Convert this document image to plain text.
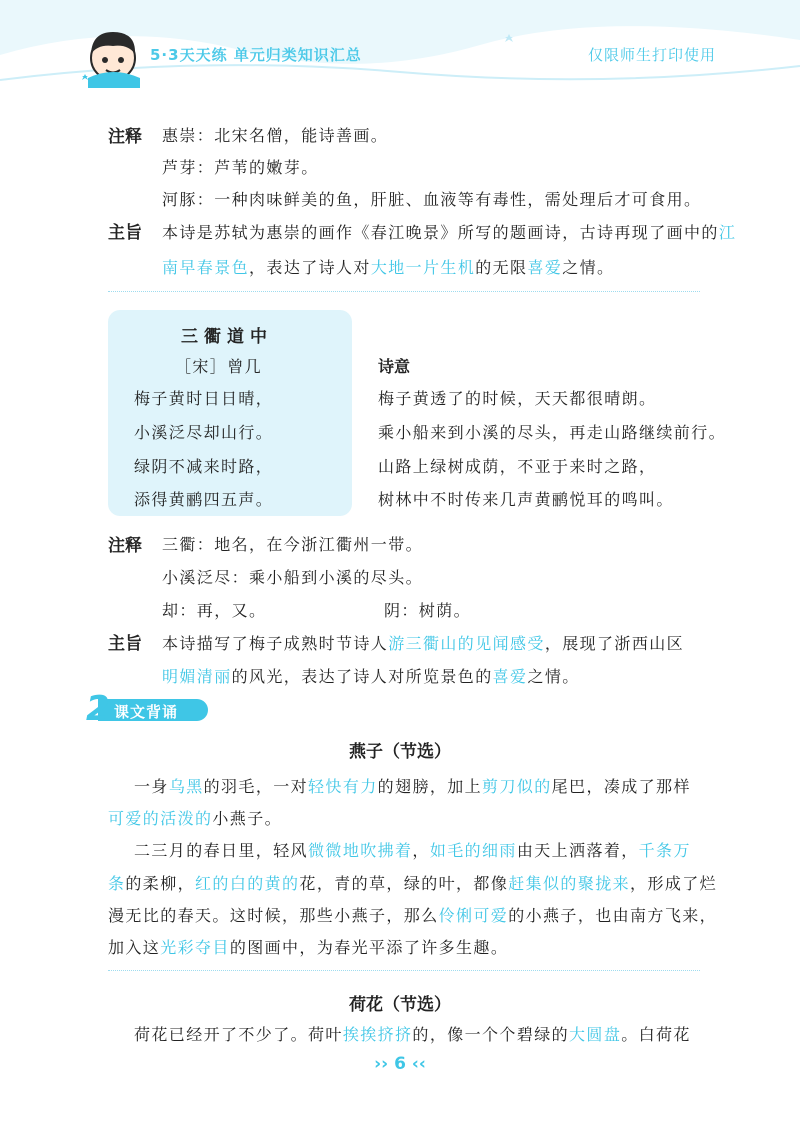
5·3天天练 单元归类知识汇总	仅限师生打印使用
注释 惠崇：北宋名僧，能诗善画。
芦芽：芦苇的嫩芽。
河豚：一种肉味鲜美的鱼，肝脏、血液等有毒性，需处理后才可食用。
主旨 本诗是苏轼为惠崇的画作《春江晚景》所写的题画诗，古诗再现了画中的江
南早春景色，表达了诗人对大地一片生机的无限喜爱之情。
三衢道中
［宋］曾几
梅子黄时日日晴，
小溪泛尽却山行。
绿阴不减来时路，
添得黄鹂四五声。
诗意
梅子黄透了的时候，天天都很晴朗。
乘小船来到小溪的尽头，再走山路继续前行。
山路上绿树成荫，不亚于来时之路，
树林中不时传来几声黄鹂悦耳的鸣叫。
注释 三衢：地名，在今浙江衢州一带。
小溪泛尽：乘小船到小溪的尽头。
却：再，又。	阴：树荫。
主旨 本诗描写了梅子成熟时节诗人游三衢山的见闻感受，展现了浙西山区
明媚清丽的风光，表达了诗人对所览景色的喜爱之情。
2 课文背诵
燕子（节选）
一身乌黑的羽毛，一对轻快有力的翅膀，加上剪刀似的尾巴，凑成了那样
可爱的活泼的小燕子。
二三月的春日里，轻风微微地吹拂着，如毛的细雨由天上洒落着，千条万
条的柔柳，红的白的黄的花，青的草，绿的叶，都像赶集似的聚拢来，形成了烂
漫无比的春天。这时候，那些小燕子，那么伶俐可爱的小燕子，也由南方飞来，
加入这光彩夺目的图画中，为春光平添了许多生趣。
荷花（节选）
荷花已经开了不少了。荷叶挨挨挤挤的，像一个个碧绿的大圆盘。白荷花
›› 6 ‹‹
